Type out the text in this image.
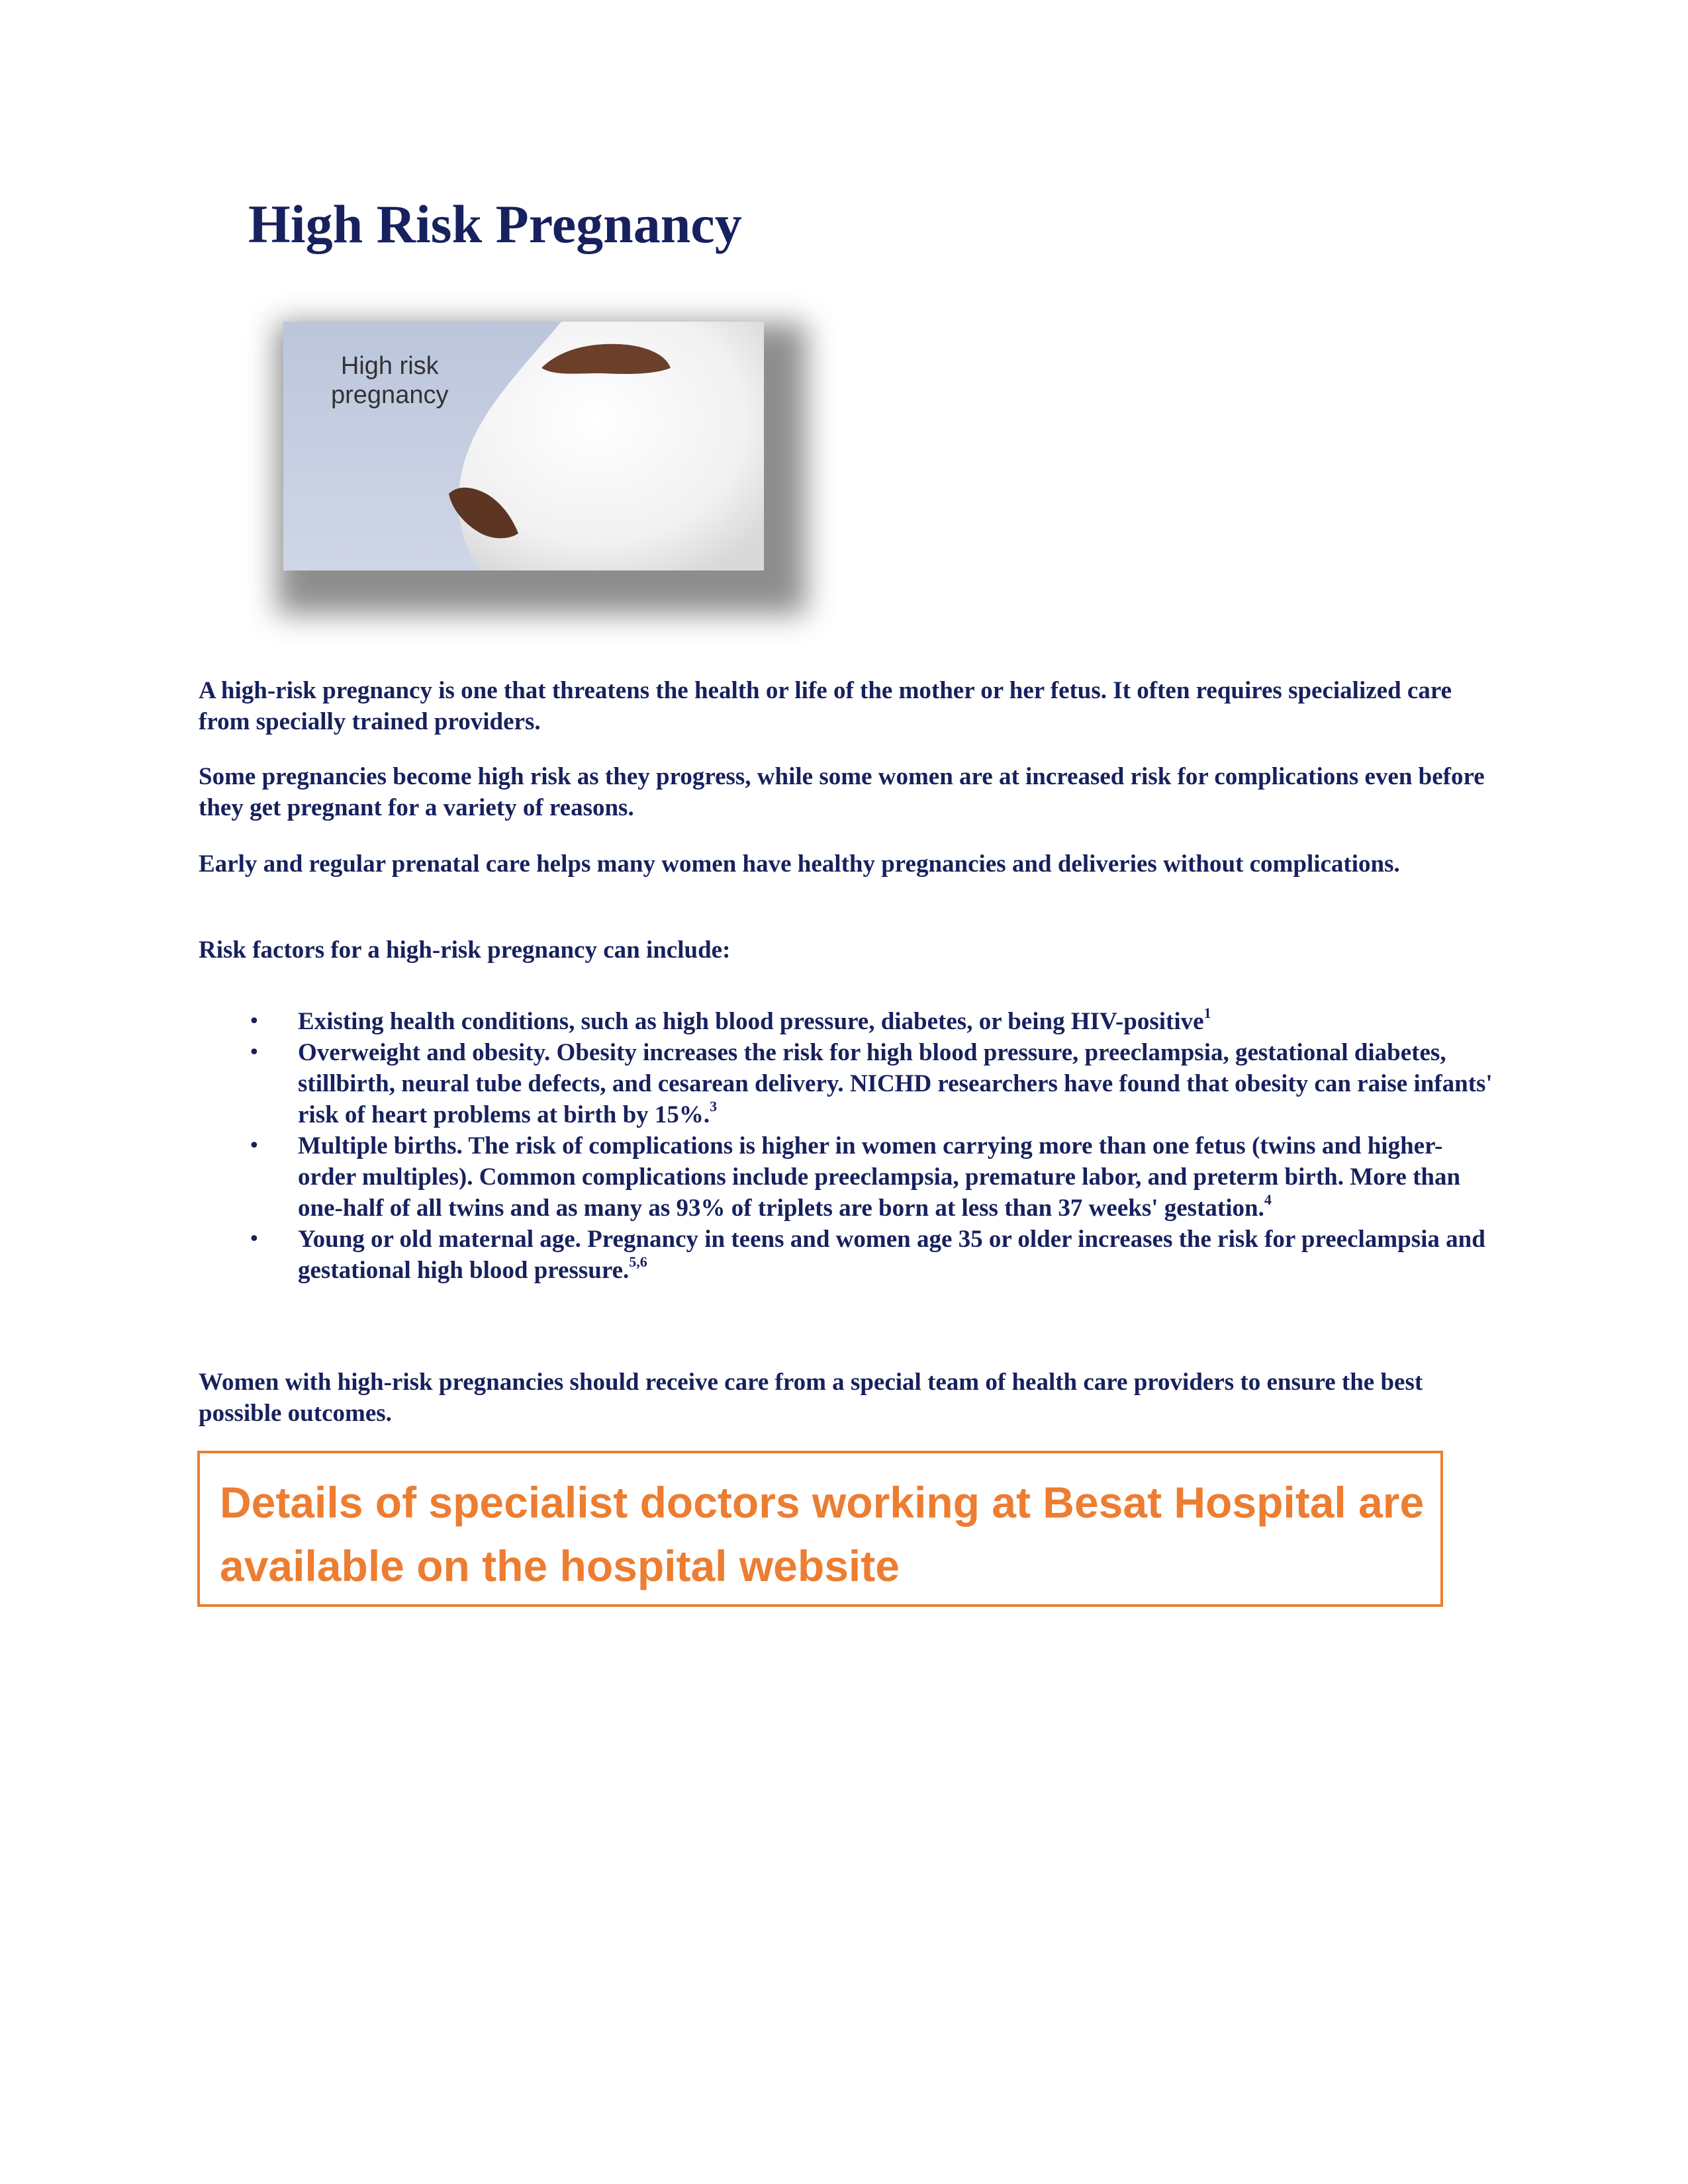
High Risk Pregnancy
High risk
pregnancy

A high-risk pregnancy is one that threatens the health or life of the mother or her fetus. It often requires specialized care from specially trained providers.

Some pregnancies become high risk as they progress, while some women are at increased risk for complications even before they get pregnant for a variety of reasons.

Early and regular prenatal care helps many women have healthy pregnancies and deliveries without complications.

Risk factors for a high-risk pregnancy can include:

• Existing health conditions, such as high blood pressure, diabetes, or being HIV-positive$^1$
• Overweight and obesity. Obesity increases the risk for high blood pressure, preeclampsia, gestational diabetes, stillbirth, neural tube defects, and cesarean delivery. NICHD researchers have found that obesity can raise infants' risk of heart problems at birth by 15%.$^3$
• Multiple births. The risk of complications is higher in women carrying more than one fetus (twins and higher-order multiples). Common complications include preeclampsia, premature labor, and preterm birth. More than one-half of all twins and as many as 93% of triplets are born at less than 37 weeks' gestation.$^4$
• Young or old maternal age. Pregnancy in teens and women age 35 or older increases the risk for preeclampsia and gestational high blood pressure.$^{5,6}$

Women with high-risk pregnancies should receive care from a special team of health care providers to ensure the best possible outcomes.

Details of specialist doctors working at Besat Hospital are available on the hospital website
